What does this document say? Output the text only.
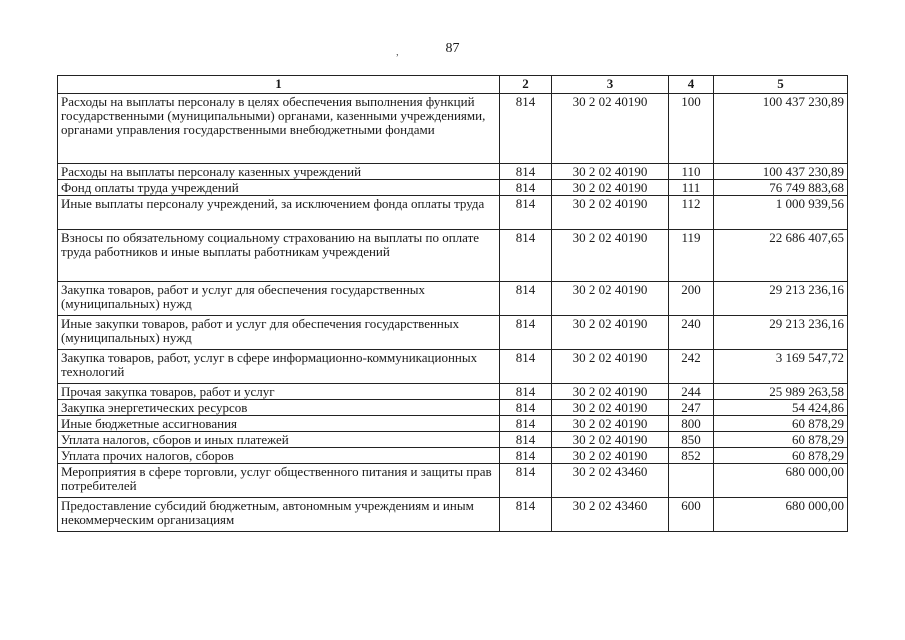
,	87
1	2	3	4	5
Расходы на выплаты персоналу в целях обеспечения выполнения функций государственными (муниципальными) органами, казенными учреждениями, органами управления государственными внебюджетными фондами	814	30 2 02 40190	100	100 437 230,89
Расходы на выплаты персоналу казенных учреждений	814	30 2 02 40190	110	100 437 230,89
Фонд оплаты труда учреждений	814	30 2 02 40190	111	76 749 883,68
Иные выплаты персоналу учреждений, за исключением фонда оплаты труда	814	30 2 02 40190	112	1 000 939,56
Взносы по обязательному социальному страхованию на выплаты по оплате труда работников и иные выплаты работникам учреждений	814	30 2 02 40190	119	22 686 407,65
Закупка товаров, работ и услуг для обеспечения государственных (муниципальных) нужд	814	30 2 02 40190	200	29 213 236,16
Иные закупки товаров, работ и услуг для обеспечения государственных (муниципальных) нужд	814	30 2 02 40190	240	29 213 236,16
Закупка товаров, работ, услуг в сфере информационно-коммуникационных технологий	814	30 2 02 40190	242	3 169 547,72
Прочая закупка товаров, работ и услуг	814	30 2 02 40190	244	25 989 263,58
Закупка энергетических ресурсов	814	30 2 02 40190	247	54 424,86
Иные бюджетные ассигнования	814	30 2 02 40190	800	60 878,29
Уплата налогов, сборов и иных платежей	814	30 2 02 40190	850	60 878,29
Уплата прочих налогов, сборов	814	30 2 02 40190	852	60 878,29
Мероприятия в сфере торговли, услуг общественного питания и защиты прав потребителей	814	30 2 02 43460		680 000,00
Предоставление субсидий бюджетным, автономным учреждениям и иным некоммерческим организациям	814	30 2 02 43460	600	680 000,00
